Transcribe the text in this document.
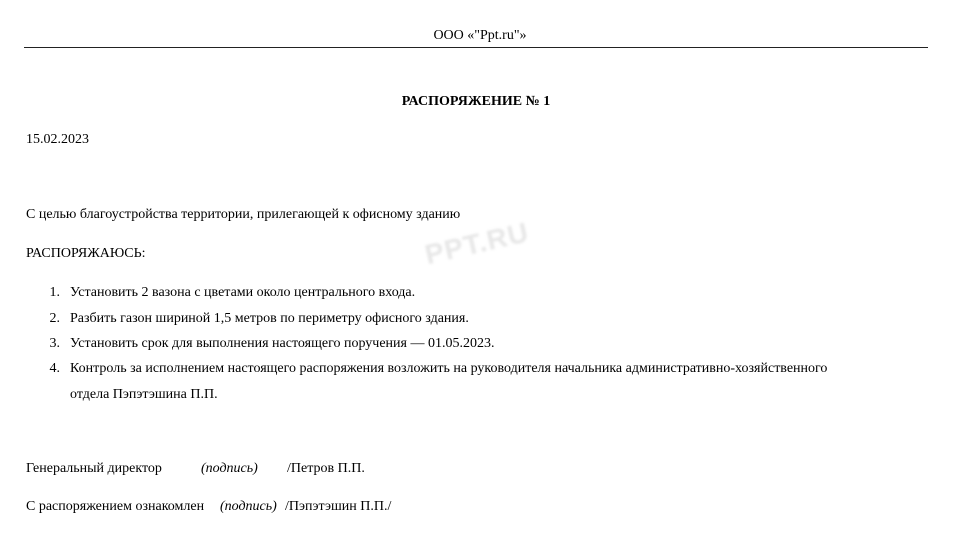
ООО «"Ppt.ru"»
РАСПОРЯЖЕНИЕ № 1
15.02.2023
С целью благоустройства территории, прилегающей к офисному зданию
РАСПОРЯЖАЮСЬ:	PPT.RU
1. Установить 2 вазона с цветами около центрального входа.
2. Разбить газон шириной 1,5 метров по периметру офисного здания.
3. Установить срок для выполнения настоящего поручения — 01.05.2023.
4. Контроль за исполнением настоящего распоряжения возложить на руководителя начальника административно-хозяйственного
отдела Пэпэтэшина П.П.
Генеральный директор	(подпись) /Петров П.П.
С распоряжением ознакомлен (подпись) /Пэпэтэшин П.П./
